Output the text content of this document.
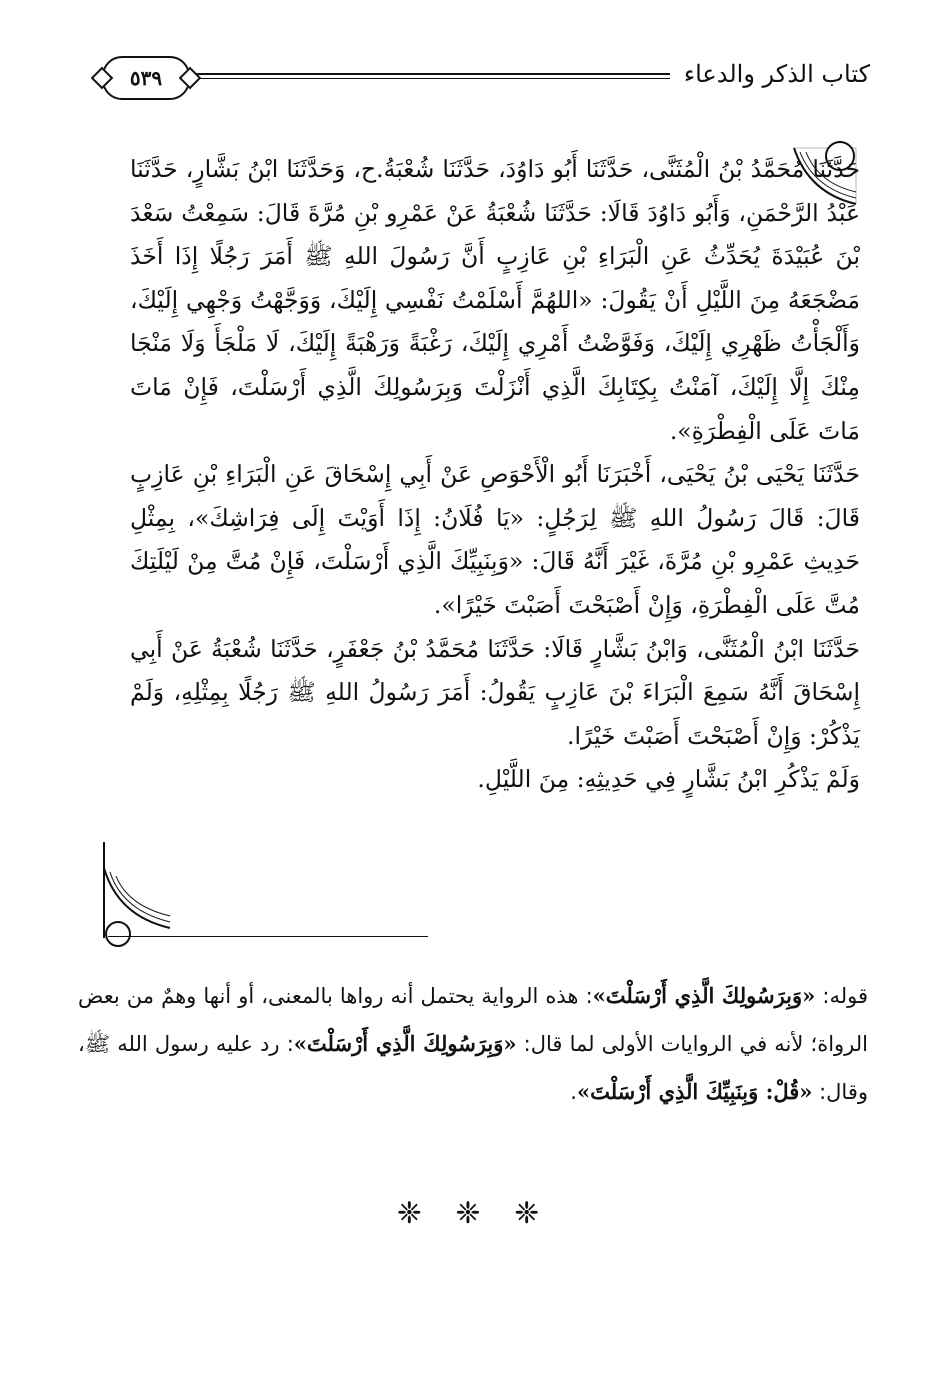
كتاب الذكر والدعاء
٥٣٩

حَدَّثَنَا مُحَمَّدُ بْنُ الْمُثَنَّى، حَدَّثَنَا أَبُو دَاوُدَ، حَدَّثَنَا شُعْبَةُ.ح، وَحَدَّثَنَا ابْنُ بَشَّارٍ، حَدَّثَنَا عَبْدُ الرَّحْمَنِ، وَأَبُو دَاوُدَ قَالَا: حَدَّثَنَا شُعْبَةُ عَنْ عَمْرِو بْنِ مُرَّةَ قَالَ: سَمِعْتُ سَعْدَ بْنَ عُبَيْدَةَ يُحَدِّثُ عَنِ الْبَرَاءِ بْنِ عَازِبٍ أَنَّ رَسُولَ اللهِ ﷺ أَمَرَ رَجُلًا إِذَا أَخَذَ مَضْجَعَهُ مِنَ اللَّيْلِ أَنْ يَقُولَ: «اللهُمَّ أَسْلَمْتُ نَفْسِي إِلَيْكَ، وَوَجَّهْتُ وَجْهِي إِلَيْكَ، وَأَلْجَأْتُ ظَهْرِي إِلَيْكَ، وَفَوَّضْتُ أَمْرِي إِلَيْكَ، رَغْبَةً وَرَهْبَةً إِلَيْكَ، لَا مَلْجَأَ وَلَا مَنْجَا مِنْكَ إِلَّا إِلَيْكَ، آمَنْتُ بِكِتَابِكَ الَّذِي أَنْزَلْتَ وَبِرَسُولِكَ الَّذِي أَرْسَلْتَ، فَإِنْ مَاتَ مَاتَ عَلَى الْفِطْرَةِ».

حَدَّثَنَا يَحْيَى بْنُ يَحْيَى، أَخْبَرَنَا أَبُو الْأَحْوَصِ عَنْ أَبِي إِسْحَاقَ عَنِ الْبَرَاءِ بْنِ عَازِبٍ قَالَ: قَالَ رَسُولُ اللهِ ﷺ لِرَجُلٍ: «يَا فُلَانُ: إِذَا أَوَيْتَ إِلَى فِرَاشِكَ»، بِمِثْلِ حَدِيثِ عَمْرِو بْنِ مُرَّةَ، غَيْرَ أَنَّهُ قَالَ: «وَبِنَبِيِّكَ الَّذِي أَرْسَلْتَ، فَإِنْ مُتَّ مِنْ لَيْلَتِكَ مُتَّ عَلَى الْفِطْرَةِ، وَإِنْ أَصْبَحْتَ أَصَبْتَ خَيْرًا».

حَدَّثَنَا ابْنُ الْمُثَنَّى، وَابْنُ بَشَّارٍ قَالَا: حَدَّثَنَا مُحَمَّدُ بْنُ جَعْفَرٍ، حَدَّثَنَا شُعْبَةُ عَنْ أَبِي إِسْحَاقَ أَنَّهُ سَمِعَ الْبَرَاءَ بْنَ عَازِبٍ يَقُولُ: أَمَرَ رَسُولُ اللهِ ﷺ رَجُلًا بِمِثْلِهِ، وَلَمْ يَذْكُرْ: وَإِنْ أَصْبَحْتَ أَصَبْتَ خَيْرًا.

وَلَمْ يَذْكُرِ ابْنُ بَشَّارٍ فِي حَدِيثِهِ: مِنَ اللَّيْلِ.

قوله: «وَبِرَسُولِكَ الَّذِي أَرْسَلْتَ»: هذه الرواية يحتمل أنه رواها بالمعنى، أو أنها وهمٌ من بعض الرواة؛ لأنه في الروايات الأولى لما قال: «وَبِرَسُولِكَ الَّذِي أَرْسَلْتَ»: رد عليه رسول الله ﷺ، وقال: «قُلْ: وَبِنَبِيِّكَ الَّذِي أَرْسَلْتَ».

❈ ❈ ❈
